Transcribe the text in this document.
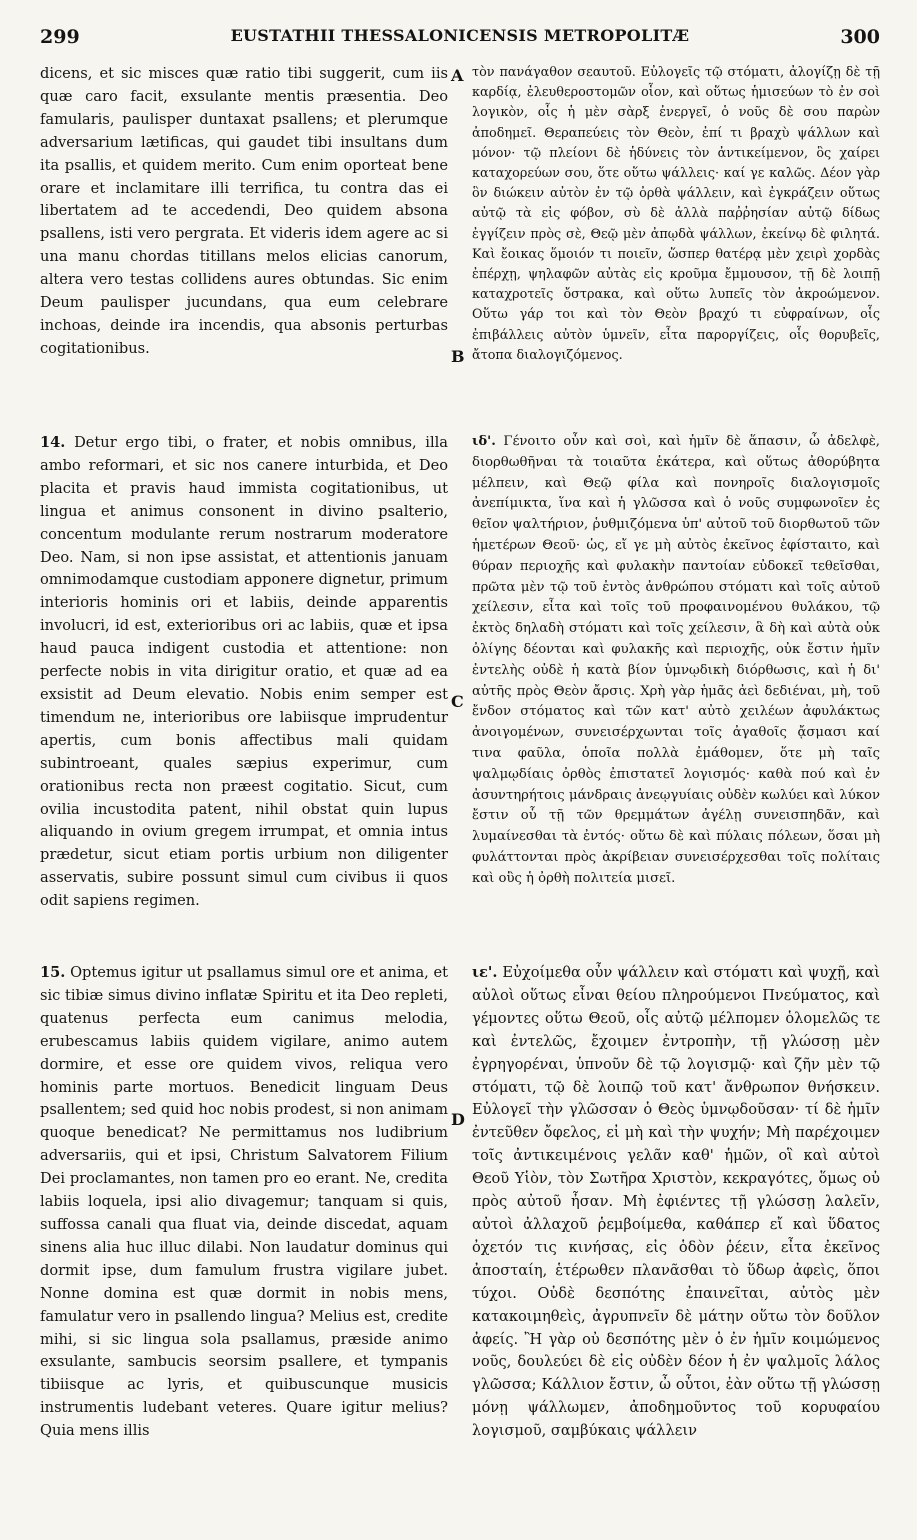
299	EUSTATHII THESSALONICENSIS METROPOLITÆ	300
A
B
C
D

dicens, et sic misces quæ ratio tibi suggerit, cum iis quæ caro facit, exsulante mentis præsentia. Deo famularis, paulisper duntaxat psallens; et plerumque adversarium lætificas, qui gaudet tibi insultans dum ita psallis, et quidem merito. Cum enim oporteat bene orare et inclamitare illi terrifica, tu contra das ei libertatem ad te accedendi, Deo quidem absona psallens, isti vero pergrata. Et videris idem agere ac si una manu chordas titillans melos elicias canorum, altera vero testas collidens aures obtundas. Sic enim Deum paulisper jucundans, qua eum celebrare inchoas, deinde ira incendis, qua absonis perturbas cogitationibus.

τὸν πανάγαθον σεαυτοῦ. Εὐλογεῖς τῷ στόματι, ἀλογίζῃ δὲ τῇ καρδίᾳ, ἐλευθεροστομῶν οἷον, καὶ οὕτως ἡμισεύων τὸ ἐν σοὶ λογικὸν, οἷς ἡ μὲν σὰρξ ἐνεργεῖ, ὁ νοῦς δὲ σου παρὼν ἀποδημεῖ. Θεραπεύεις τὸν Θεὸν, ἐπί τι βραχὺ ψάλλων καὶ μόνον· τῷ πλείονι δὲ ἡδύνεις τὸν ἀντικείμενον, ὃς χαίρει καταχορεύων σου, ὅτε οὕτω ψάλλεις· καί γε καλῶς. Δέον γὰρ ὃν διώκειν αὐτὸν ἐν τῷ ὀρθὰ ψάλλειν, καὶ ἐγκράζειν οὕτως αὐτῷ τὰ εἰς φόβον, σὺ δὲ ἀλλὰ παῤῥησίαν αὐτῷ δίδως ἐγγίζειν πρὸς σὲ, Θεῷ μὲν ἀπῳδὰ ψάλλων, ἐκείνῳ δὲ φιλητά. Καὶ ἔοικας ὅμοιόν τι ποιεῖν, ὥσπερ θατέρᾳ μὲν χειρὶ χορδὰς ἐπέρχῃ, ψηλαφῶν αὐτὰς εἰς κροῦμα ἔμμουσον, τῇ δὲ λοιπῇ καταχροτεῖς ὄστρακα, καὶ οὕτω λυπεῖς τὸν ἀκροώμενον. Οὕτω γάρ τοι καὶ τὸν Θεὸν βραχύ τι εὐφραίνων, οἷς ἐπιβάλλεις αὐτὸν ὑμνεῖν, εἶτα παροργίζεις, οἷς θορυβεῖς, ἄτοπα διαλογιζόμενος.

14. Detur ergo tibi, o frater, et nobis omnibus, illa ambo reformari, et sic nos canere inturbida, et Deo placita et pravis haud immista cogitationibus, ut lingua et animus consonent in divino psalterio, concentum modulante rerum nostrarum moderatore Deo. Nam, si non ipse assistat, et attentionis januam omnimodamque custodiam apponere dignetur, primum interioris hominis ori et labiis, deinde apparentis involucri, id est, exterioribus ori ac labiis, quæ et ipsa haud pauca indigent custodia et attentione: non perfecte nobis in vita dirigitur oratio, et quæ ad ea exsistit ad Deum elevatio. Nobis enim semper est timendum ne, interioribus ore labiisque imprudentur apertis, cum bonis affectibus mali quidam subintroeant, quales sæpius experimur, cum orationibus recta non præest cogitatio. Sicut, cum ovilia incustodita patent, nihil obstat quin lupus aliquando in ovium gregem irrumpat, et omnia intus prædetur, sicut etiam portis urbium non diligenter asservatis, subire possunt simul cum civibus ii quos odit sapiens regimen.

ιδ'. Γένοιτο οὖν καὶ σοὶ, καὶ ἡμῖν δὲ ἅπασιν, ὦ ἀδελφὲ, διορθωθῆναι τὰ τοιαῦτα ἑκάτερα, καὶ οὕτως ἀθορύβητα μέλπειν, καὶ Θεῷ φίλα καὶ πονηροῖς διαλογισμοῖς ἀνεπίμικτα, ἵνα καὶ ἡ γλῶσσα καὶ ὁ νοῦς συμφωνοῖεν ἐς θεῖον ψαλτήριον, ῥυθμιζόμενα ὑπ' αὐτοῦ τοῦ διορθωτοῦ τῶν ἡμετέρων Θεοῦ· ὡς, εἴ γε μὴ αὐτὸς ἐκεῖνος ἐφίσταιτο, καὶ θύραν περιοχῆς καὶ φυλακὴν παντοίαν εὐδοκεῖ τεθεῖσθαι, πρῶτα μὲν τῷ τοῦ ἐντὸς ἀνθρώπου στόματι καὶ τοῖς αὐτοῦ χείλεσιν, εἶτα καὶ τοῖς τοῦ προφαινομένου θυλάκου, τῷ ἐκτὸς δηλαδὴ στόματι καὶ τοῖς χείλεσιν, ἃ δὴ καὶ αὐτὰ οὐκ ὀλίγης δέονται καὶ φυλακῆς καὶ περιοχῆς, οὐκ ἔστιν ἡμῖν ἐντελὴς οὐδὲ ἡ κατὰ βίον ὑμνῳδικὴ διόρθωσις, καὶ ἡ δι' αὐτῆς πρὸς Θεὸν ἄρσις. Χρὴ γὰρ ἡμᾶς ἀεὶ δεδιέναι, μὴ, τοῦ ἔνδον στόματος καὶ τῶν κατ' αὐτὸ χειλέων ἀφυλάκτως ἀνοιγομένων, συνεισέρχωνται τοῖς ἀγαθοῖς ᾄσμασι καί τινα φαῦλα, ὁποῖα πολλὰ ἐμάθομεν, ὅτε μὴ ταῖς ψαλμῳδίαις ὀρθὸς ἐπιστατεῖ λογισμός· καθὰ πού καὶ ἐν ἀσυντηρήτοις μάνδραις ἀνεῳγυίαις οὐδὲν κωλύει καὶ λύκον ἔστιν οὗ τῇ τῶν θρεμμάτων ἀγέλῃ συνεισπηδᾶν, καὶ λυμαίνεσθαι τὰ ἐντός· οὕτω δὲ καὶ πύλαις πόλεων, ὅσαι μὴ φυλάττονται πρὸς ἀκρίβειαν συνεισέρχεσθαι τοῖς πολίταις καὶ οὓς ἡ ὀρθὴ πολιτεία μισεῖ.

15. Optemus igitur ut psallamus simul ore et anima, et sic tibiæ simus divino inflatæ Spiritu et ita Deo repleti, quatenus perfecta eum canimus melodia, erubescamus labiis quidem vigilare, animo autem dormire, et esse ore quidem vivos, reliqua vero hominis parte mortuos. Benedicit linguam Deus psallentem; sed quid hoc nobis prodest, si non animam quoque benedicat? Ne permittamus nos ludibrium adversariis, qui et ipsi, Christum Salvatorem Filium Dei proclamantes, non tamen pro eo erant. Ne, credita labiis loquela, ipsi alio divagemur; tanquam si quis, suffossa canali qua fluat via, deinde discedat, aquam sinens alia huc illuc dilabi. Non laudatur dominus qui dormit ipse, dum famulum frustra vigilare jubet. Nonne domina est quæ dormit in nobis mens, famulatur vero in psallendo lingua? Melius est, credite mihi, si sic lingua sola psallamus, præside animo exsulante, sambucis seorsim psallere, et tympanis tibiisque ac lyris, et quibuscunque musicis instrumentis ludebant veteres. Quare igitur melius? Quia mens illis

ιε'. Εὐχοίμεθα οὖν ψάλλειν καὶ στόματι καὶ ψυχῇ, καὶ αὐλοὶ οὕτως εἶναι θείου πληρούμενοι Πνεύματος, καὶ γέμοντες οὕτω Θεοῦ, οἷς αὐτῷ μέλπομεν ὁλομελῶς τε καὶ ἐντελῶς, ἔχοιμεν ἐντροπὴν, τῇ γλώσσῃ μὲν ἐγρηγορέναι, ὑπνοῦν δὲ τῷ λογισμῷ· καὶ ζῆν μὲν τῷ στόματι, τῷ δὲ λοιπῷ τοῦ κατ' ἄνθρωπον θνήσκειν. Εὐλογεῖ τὴν γλῶσσαν ὁ Θεὸς ὑμνῳδοῦσαν· τί δὲ ἡμῖν ἐντεῦθεν ὄφελος, εἰ μὴ καὶ τὴν ψυχήν; Μὴ παρέχοιμεν τοῖς ἀντικειμένοις γελᾶν καθ' ἡμῶν, οἳ καὶ αὐτοὶ Θεοῦ Υἱὸν, τὸν Σωτῆρα Χριστὸν, κεκραγότες, ὅμως οὐ πρὸς αὐτοῦ ἦσαν. Μὴ ἐφιέντες τῇ γλώσσῃ λαλεῖν, αὐτοὶ ἀλλαχοῦ ῥεμβοίμεθα, καθάπερ εἴ καὶ ὕδατος ὀχετόν τις κινήσας, εἰς ὁδὸν ῥέειν, εἶτα ἐκεῖνος ἀποσταίη, ἑτέρωθεν πλανᾶσθαι τὸ ὕδωρ ἀφεὶς, ὅποι τύχοι. Οὐδὲ δεσπότης ἐπαινεῖται, αὐτὸς μὲν κατακοιμηθεὶς, ἀγρυπνεῖν δὲ μάτην οὕτω τὸν δοῦλον ἀφείς. Ἢ γὰρ οὐ δεσπότης μὲν ὁ ἐν ἡμῖν κοιμώμενος νοῦς, δουλεύει δὲ εἰς οὐδὲν δέον ἡ ἐν ψαλμοῖς λάλος γλῶσσα; Κάλλιον ἔστιν, ὦ οὗτοι, ἐὰν οὕτω τῇ γλώσσῃ μόνῃ ψάλλωμεν, ἀποδημοῦντος τοῦ κορυφαίου λογισμοῦ, σαμβύκαις ψάλλειν
